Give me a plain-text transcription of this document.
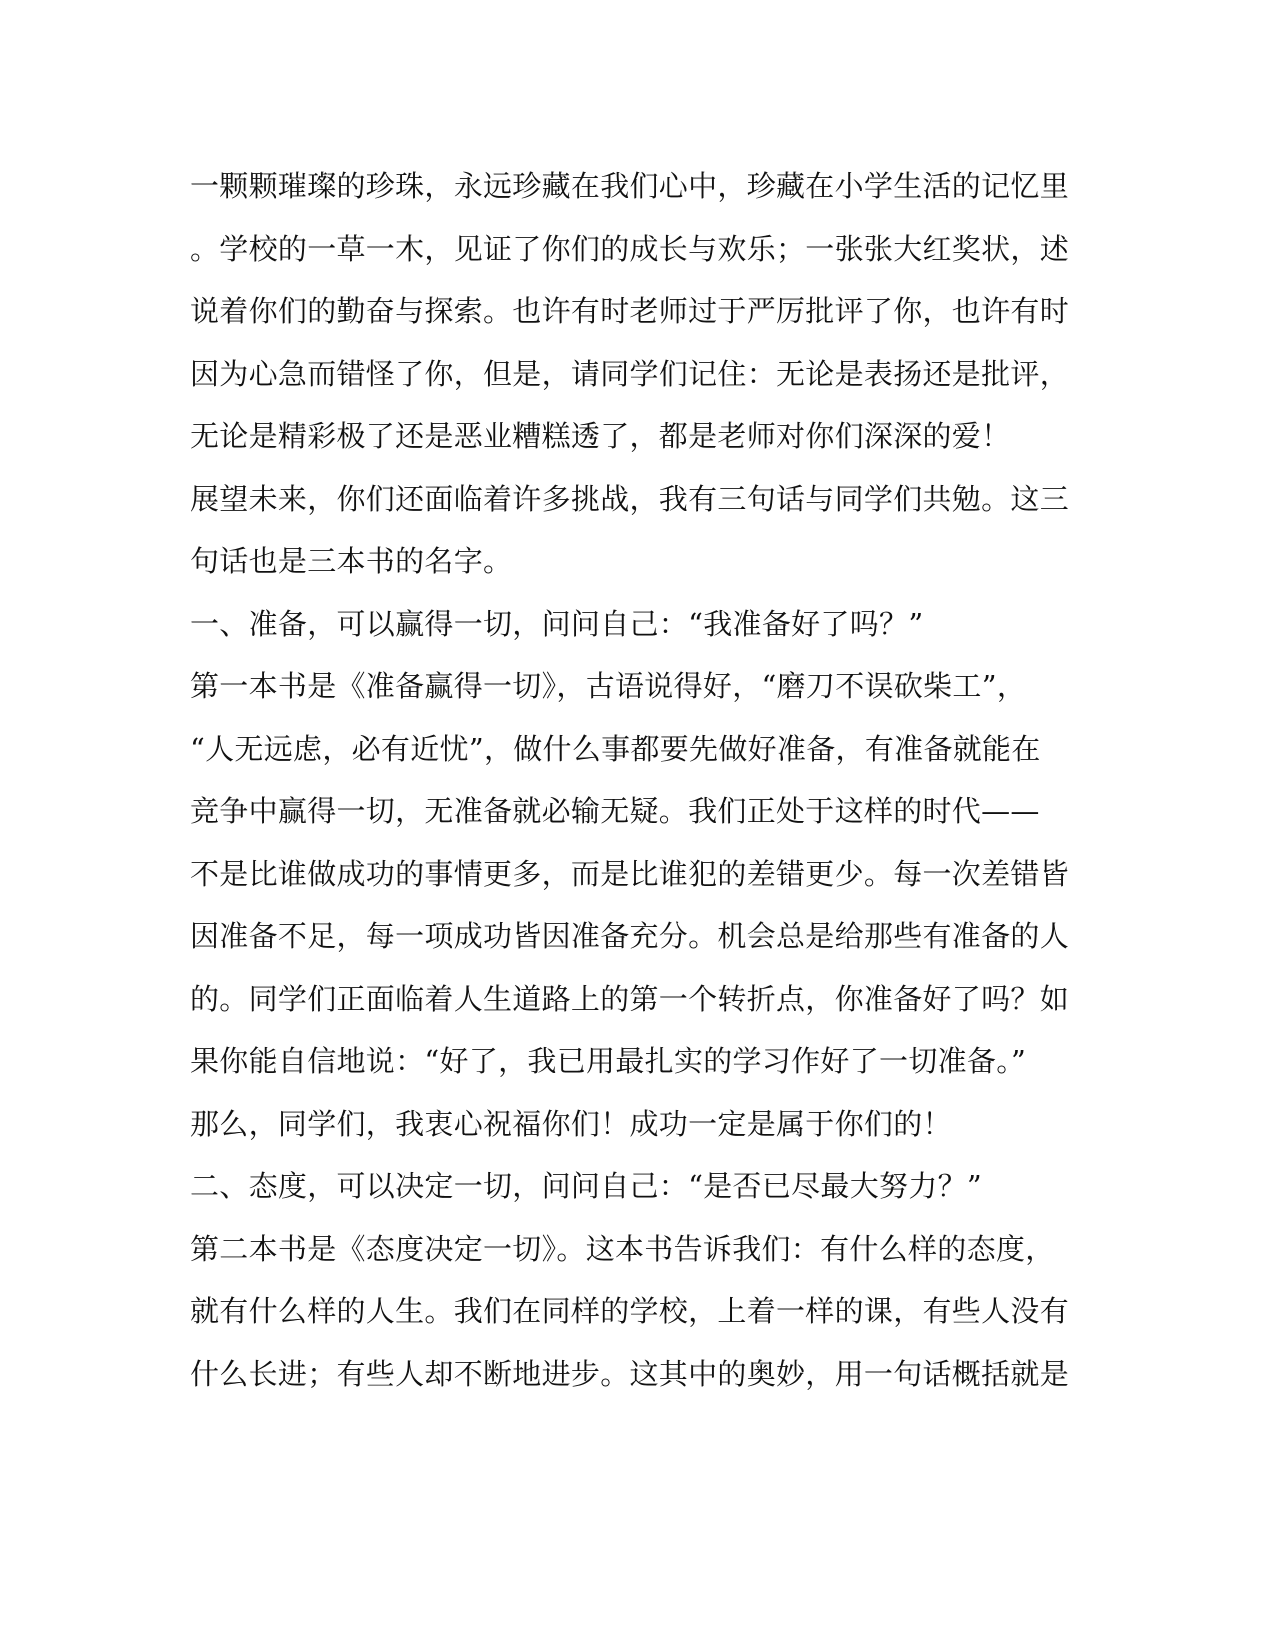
一颗颗璀璨的珍珠，永远珍藏在我们心中，珍藏在小学生活的记忆里
。学校的一草一木，见证了你们的成长与欢乐；一张张大红奖状，述
说着你们的勤奋与探索。也许有时老师过于严厉批评了你，也许有时
因为心急而错怪了你，但是，请同学们记住：无论是表扬还是批评，
无论是精彩极了还是恶业糟糕透了，都是老师对你们深深的爱！
展望未来，你们还面临着许多挑战，我有三句话与同学们共勉。这三
句话也是三本书的名字。
一、准备，可以赢得一切，问问自己：“我准备好了吗？”
第一本书是《准备赢得一切》，古语说得好，“磨刀不误砍柴工”，
“人无远虑，必有近忧”，做什么事都要先做好准备，有准备就能在
竞争中赢得一切，无准备就必输无疑。我们正处于这样的时代——
不是比谁做成功的事情更多，而是比谁犯的差错更少。每一次差错皆
因准备不足，每一项成功皆因准备充分。机会总是给那些有准备的人
的。同学们正面临着人生道路上的第一个转折点，你准备好了吗？如
果你能自信地说：“好了，我已用最扎实的学习作好了一切准备。”
那么，同学们，我衷心祝福你们！成功一定是属于你们的！
二、态度，可以决定一切，问问自己：“是否已尽最大努力？”
第二本书是《态度决定一切》。这本书告诉我们：有什么样的态度，
就有什么样的人生。我们在同样的学校，上着一样的课，有些人没有
什么长进；有些人却不断地进步。这其中的奥妙，用一句话概括就是
